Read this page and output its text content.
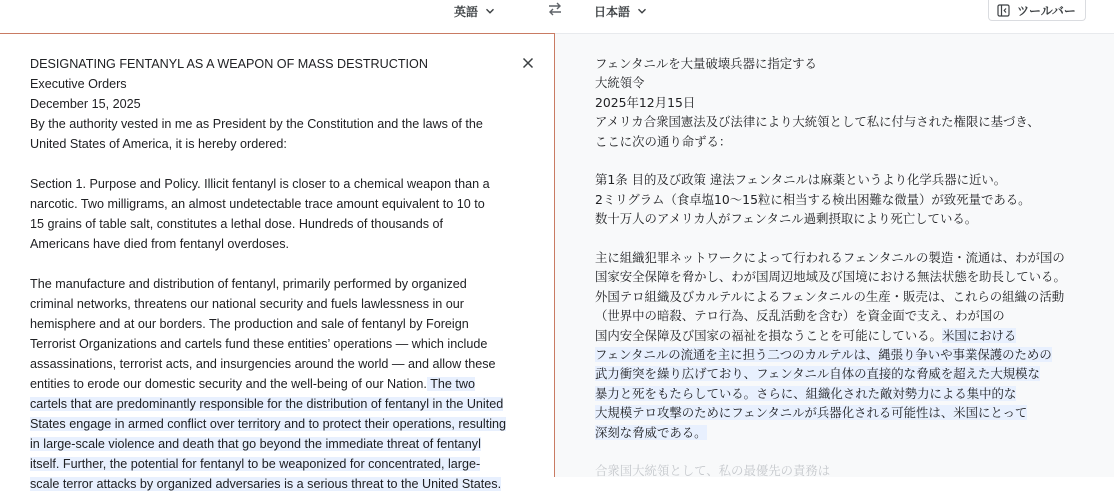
英語	日本語	ツールバー

DESIGNATING FENTANYL AS A WEAPON OF MASS DESTRUCTION

Executive Orders

December 15, 2025

By the authority vested in me as President by the Constitution and the laws of the

United States of America, it is hereby ordered:

Section 1. Purpose and Policy. Illicit fentanyl is closer to a chemical weapon than a

narcotic. Two milligrams, an almost undetectable trace amount equivalent to 10 to

15 grains of table salt, constitutes a lethal dose. Hundreds of thousands of

Americans have died from fentanyl overdoses.

The manufacture and distribution of fentanyl, primarily performed by organized

criminal networks, threatens our national security and fuels lawlessness in our

hemisphere and at our borders. The production and sale of fentanyl by Foreign

Terrorist Organizations and cartels fund these entities’ operations — which include

assassinations, terrorist acts, and insurgencies around the world — and allow these

entities to erode our domestic security and the well-being of our Nation. The two

cartels that are predominantly responsible for the distribution of fentanyl in the United

States engage in armed conflict over territory and to protect their operations, resulting

in large-scale violence and death that go beyond the immediate threat of fentanyl

itself. Further, the potential for fentanyl to be weaponized for concentrated, large-

scale terror attacks by organized adversaries is a serious threat to the United States.

フェンタニルを大量破壊兵器に指定する

大統領令

2025年12月15日

アメリカ合衆国憲法及び法律により大統領として私に付与された権限に基づき、

ここに次の通り命ずる：

第1条 目的及び政策 違法フェンタニルは麻薬というより化学兵器に近い。

2ミリグラム（食卓塩10〜15粒に相当する検出困難な微量）が致死量である。

数十万人のアメリカ人がフェンタニル過剰摂取により死亡している。

主に組織犯罪ネットワークによって行われるフェンタニルの製造・流通は、わが国の

国家安全保障を脅かし、わが国周辺地域及び国境における無法状態を助長している。

外国テロ組織及びカルテルによるフェンタニルの生産・販売は、これらの組織の活動

（世界中の暗殺、テロ行為、反乱活動を含む）を資金面で支え、わが国の

国内安全保障及び国家の福祉を損なうことを可能にしている。米国における

フェンタニルの流通を主に担う二つのカルテルは、縄張り争いや事業保護のための

武力衝突を繰り広げており、フェンタニル自体の直接的な脅威を超えた大規模な

暴力と死をもたらしている。さらに、組織化された敵対勢力による集中的な

大規模テロ攻撃のためにフェンタニルが兵器化される可能性は、米国にとって

深刻な脅威である。

合衆国大統領として、私の最優先の責務は
